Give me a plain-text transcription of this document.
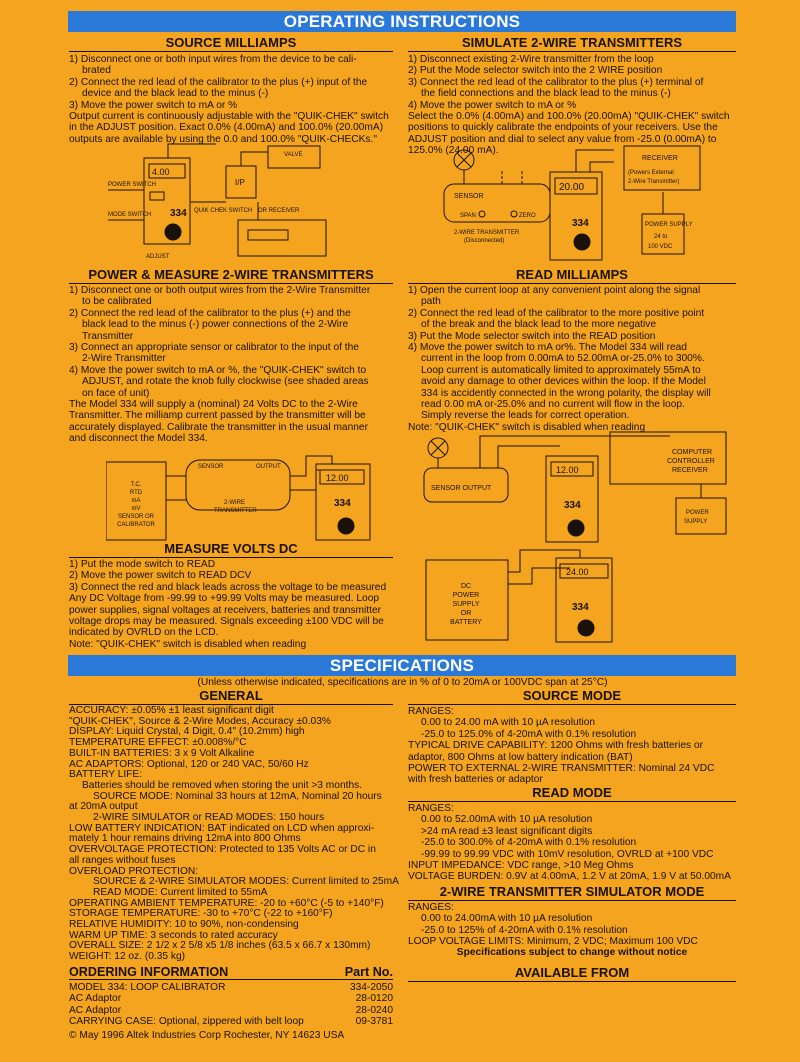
OPERATING INSTRUCTIONS
SOURCE MILLIAMPS

1) Disconnect one or both input wires from the device to be cali-

brated

2) Connect the red lead of the calibrator to the plus (+) input of the

device and the black lead to the minus (-)

3) Move the power switch to mA or %

Output current is continuously adjustable with the "QUIK-CHEK" switch

in the ADJUST position. Exact 0.0% (4.00mA) and 100.0% (20.00mA)

outputs are available by using the 0.0 and 100.0% "QUIK-CHECKs."

4.00
334
POWER SWITCH
MODE SWITCH
QUIK CHEK SWITCH
ADJUST
I/P
OR RECEIVER
VALVE
SIMULATE 2-WIRE TRANSMITTERS

1) Disconnect existing 2-Wire transmitter from the loop

2) Put the Mode selector switch into the 2 WIRE position

3) Connect the red lead of the calibrator to the plus (+) terminal of

the field connections and the black lead to the minus (-)

4) Move the power switch to mA or %

Select the 0.0% (4.00mA) and 100.0% (20.00mA) "QUIK-CHEK" switch

positions to quickly calibrate the endpoints of your receivers. Use the

ADJUST position and dial to select any value from -25.0 (0.00mA) to

125.0% (24.00 mA).

20.00
334
SENSOR
SPAN	ZERO
2-WIRE TRANSMITTER
(Disconnected)
RECEIVER
(Powers External
2-Wire Transmitter)
POWER SUPPLY
24 to
100 VDC
POWER & MEASURE 2-WIRE TRANSMITTERS

1) Disconnect one or both output wires from the 2-Wire Transmitter

to be calibrated

2) Connect the red lead of the calibrator to the plus (+) and the

black lead to the minus (-) power connections of the 2-Wire

Transmitter

3) Connect an appropriate sensor or calibrator to the input of the

2-Wire Transmitter

4) Move the power switch to mA or %, the "QUIK-CHEK" switch to

ADJUST, and rotate the knob fully clockwise (see shaded areas

on face of unit)

The Model 334 will supply a (nominal) 24 Volts DC to the 2-Wire

Transmitter. The milliamp current passed by the transmitter will be

accurately displayed. Calibrate the transmitter in the usual manner

and disconnect the Model 334.

T.C.
RTD
mA
mV
SENSOR OR
CALIBRATOR
SENSOR	OUTPUT
2-WIRE
TRANSMITTER
12.00
334
READ MILLIAMPS

1) Open the current loop at any convenient point along the signal

path

2) Connect the red lead of the calibrator to the more positive point

of the break and the black lead to the more negative

3) Put the Mode selector switch into the READ position

4) Move the power switch to mA or%. The Model 334 will read

current in the loop from 0.00mA to 52.00mA or-25.0% to 300%.

Loop current is automatically limited to approximately 55mA to

avoid any damage to other devices within the loop. If the Model

334 is accidently connected in the wrong polarity, the display will

read 0.00 mA or-25.0% and no current will flow in the loop.

Simply reverse the leads for correct operation.

Note: "QUIK-CHEK" switch is disabled when reading

SENSOR OUTPUT
COMPUTER
CONTROLLER
RECEIVER
POWER
SUPPLY
12.00
334
MEASURE VOLTS DC

1) Put the mode switch to READ

2) Move the power switch to READ DCV

3) Connect the red and black leads across the voltage to be measured

Any DC Voltage from -99.99 to +99.99 Volts may be measured. Loop

power supplies, signal voltages at receivers, batteries and transmitter

voltage drops may be measured. Signals exceeding ±100 VDC will be

indicated by OVRLD on the LCD.

Note: "QUIK-CHEK" switch is disabled when reading

DC
POWER
SUPPLY
OR
BATTERY
24.00
334
SPECIFICATIONS
(Unless otherwise indicated, specifications are in % of 0 to 20mA or 100VDC span at 25°C)
GENERAL

ACCURACY: ±0.05% ±1 least significant digit

"QUIK-CHEK", Source & 2-Wire Modes, Accuracy ±0.03%

DISPLAY: Liquid Crystal, 4 Digit, 0.4" (10.2mm) high

TEMPERATURE EFFECT: ±0.008%/°C

BUILT-IN BATTERIES: 3 x 9 Volt Alkaline

AC ADAPTORS: Optional, 120 or 240 VAC, 50/60 Hz

BATTERY LIFE:

Batteries should be removed when storing the unit >3 months.

SOURCE MODE: Nominal 33 hours at 12mA, Nominal 20 hours

at 20mA output

2-WIRE SIMULATOR or READ MODES: 150 hours

LOW BATTERY INDICATION: BAT indicated on LCD when approxi-

mately 1 hour remains driving 12mA into 800 Ohms

OVERVOLTAGE PROTECTION: Protected to 135 Volts AC or DC in

all ranges without fuses

OVERLOAD PROTECTION:

SOURCE & 2-WIRE SIMULATOR MODES: Current limited to 25mA

READ MODE: Current limited to 55mA

OPERATING AMBIENT TEMPERATURE: -20 to +60°C (-5 to +140°F)

STORAGE TEMPERATURE: -30 to +70°C (-22 to +160°F)

RELATIVE HUMIDITY: 10 to 90%, non-condensing

WARM UP TIME: 3 seconds to rated accuracy

OVERALL SIZE: 2 1/2 x 2 5/8 x5 1/8 inches (63.5 x 66.7 x 130mm)

WEIGHT: 12 oz. (0.35 kg)

ORDERING INFORMATION	Part No.
MODEL 334: LOOP CALIBRATOR	334-2050
AC Adaptor	28-0120
AC Adaptor	28-0240
CARRYING CASE: Optional, zippered with belt loop	09-3781
© May 1996 Altek Industries Corp Rochester, NY 14623 USA
SOURCE MODE

RANGES:

0.00 to 24.00 mA with 10 µA resolution

-25.0 to 125.0% of 4-20mA with 0.1% resolution

TYPICAL DRIVE CAPABILITY: 1200 Ohms with fresh batteries or

adaptor, 800 Ohms at low battery indication (BAT)

POWER TO EXTERNAL 2-WIRE TRANSMITTER: Nominal 24 VDC

with fresh batteries or adaptor

READ MODE

RANGES:

0.00 to 52.00mA with 10 µA resolution

>24 mA read ±3 least significant digits

-25.0 to 300.0% of 4-20mA with 0.1% resolution

-99.99 to 99.99 VDC with 10mV resolution, OVRLD at +100 VDC

INPUT IMPEDANCE: VDC range, >10 Meg Ohms

VOLTAGE BURDEN: 0.9V at 4.00mA, 1.2 V at 20mA, 1.9 V at 50.00mA

2-WIRE TRANSMITTER SIMULATOR MODE

RANGES:

0.00 to 24.00mA with 10 µA resolution

-25.0 to 125% of 4-20mA with 0.1% resolution

LOOP VOLTAGE LIMITS: Minimum, 2 VDC; Maximum 100 VDC

Specifications subject to change without notice
AVAILABLE FROM
